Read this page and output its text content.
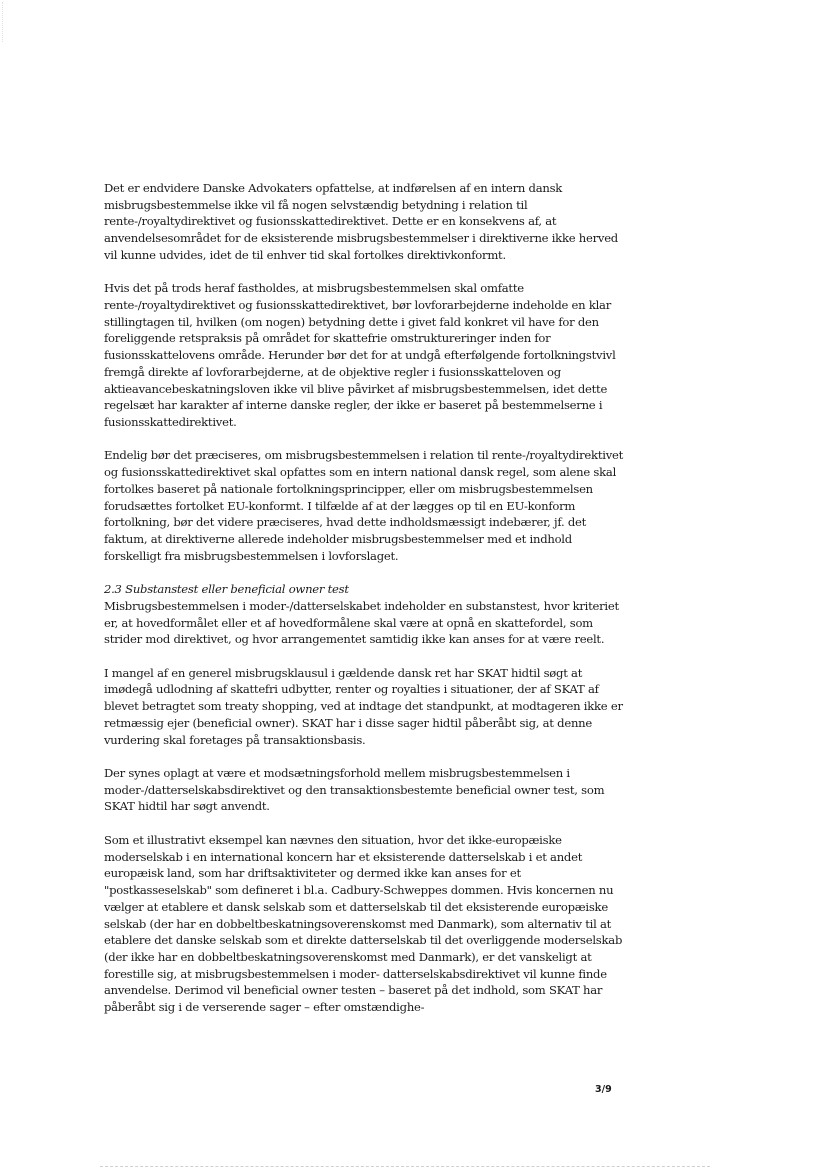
Det er endvidere Danske Advokaters opfattelse, at indførelsen af en intern dansk misbrugsbestemmelse ikke vil få nogen selvstændig betydning i relation til rente-/royaltydirektivet og fusionsskattedirektivet. Dette er en konsekvens af, at anvendelsesområdet for de eksisterende misbrugsbestemmelser i direktiverne ikke herved vil kunne udvides, idet de til enhver tid skal fortolkes direktivkonformt.

Hvis det på trods heraf fastholdes, at misbrugsbestemmelsen skal omfatte rente-/royaltydirektivet og fusionsskattedirektivet, bør lovforarbejderne indeholde en klar stillingtagen til, hvilken (om nogen) betydning dette i givet fald konkret vil have for den foreliggende retspraksis på området for skattefrie omstruktureringer inden for fusionsskattelovens område. Herunder bør det for at undgå efterfølgende fortolkningstvivl fremgå direkte af lovforarbejderne, at de objektive regler i fusionsskatteloven og aktieavancebeskatningsloven ikke vil blive påvirket af misbrugsbestemmelsen, idet dette regelsæt har karakter af interne danske regler, der ikke er baseret på bestemmelserne i fusionsskattedirektivet.

Endelig bør det præciseres, om misbrugsbestemmelsen i relation til rente-/royaltydirektivet og fusionsskattedirektivet skal opfattes som en intern national dansk regel, som alene skal fortolkes baseret på nationale fortolkningsprincipper, eller om misbrugsbestemmelsen forudsættes fortolket EU-konformt. I tilfælde af at der lægges op til en EU-konform fortolkning, bør det videre præciseres, hvad dette indholdsmæssigt indebærer, jf. det faktum, at direktiverne allerede indeholder misbrugsbestemmelser med et indhold forskelligt fra misbrugsbestemmelsen i lovforslaget.

2.3 Substanstest eller beneficial owner test

Misbrugsbestemmelsen i moder-/datterselskabet indeholder en substanstest, hvor kriteriet er, at hovedformålet eller et af hovedformålene skal være at opnå en skattefordel, som strider mod direktivet, og hvor arrangementet samtidig ikke kan anses for at være reelt.

I mangel af en generel misbrugsklausul i gældende dansk ret har SKAT hidtil søgt at imødegå udlodning af skattefri udbytter, renter og royalties i situationer, der af SKAT af blevet betragtet som treaty shopping, ved at indtage det standpunkt, at modtageren ikke er retmæssig ejer (beneficial owner). SKAT har i disse sager hidtil påberåbt sig, at denne vurdering skal foretages på transaktionsbasis.

Der synes oplagt at være et modsætningsforhold mellem misbrugsbestemmelsen i moder-/datterselskabsdirektivet og den transaktionsbestemte beneficial owner test, som SKAT hidtil har søgt anvendt.

Som et illustrativt eksempel kan nævnes den situation, hvor det ikke-europæiske moderselskab i en international koncern har et eksisterende datterselskab i et andet europæisk land, som har driftsaktiviteter og dermed ikke kan anses for et "postkasseselskab" som defineret i bl.a. Cadbury-Schweppes dommen. Hvis koncernen nu vælger at etablere et dansk selskab som et datterselskab til det eksisterende europæiske selskab (der har en dobbeltbeskatningsoverenskomst med Danmark), som alternativ til at etablere det danske selskab som et direkte datterselskab til det overliggende moderselskab (der ikke har en dobbeltbeskatningsoverenskomst med Danmark), er det vanskeligt at forestille sig, at misbrugsbestemmelsen i moder- datterselskabsdirektivet vil kunne finde anvendelse. Derimod vil beneficial owner testen – baseret på det indhold, som SKAT har påberåbt sig i de verserende sager – efter omstændighe-

3/9
